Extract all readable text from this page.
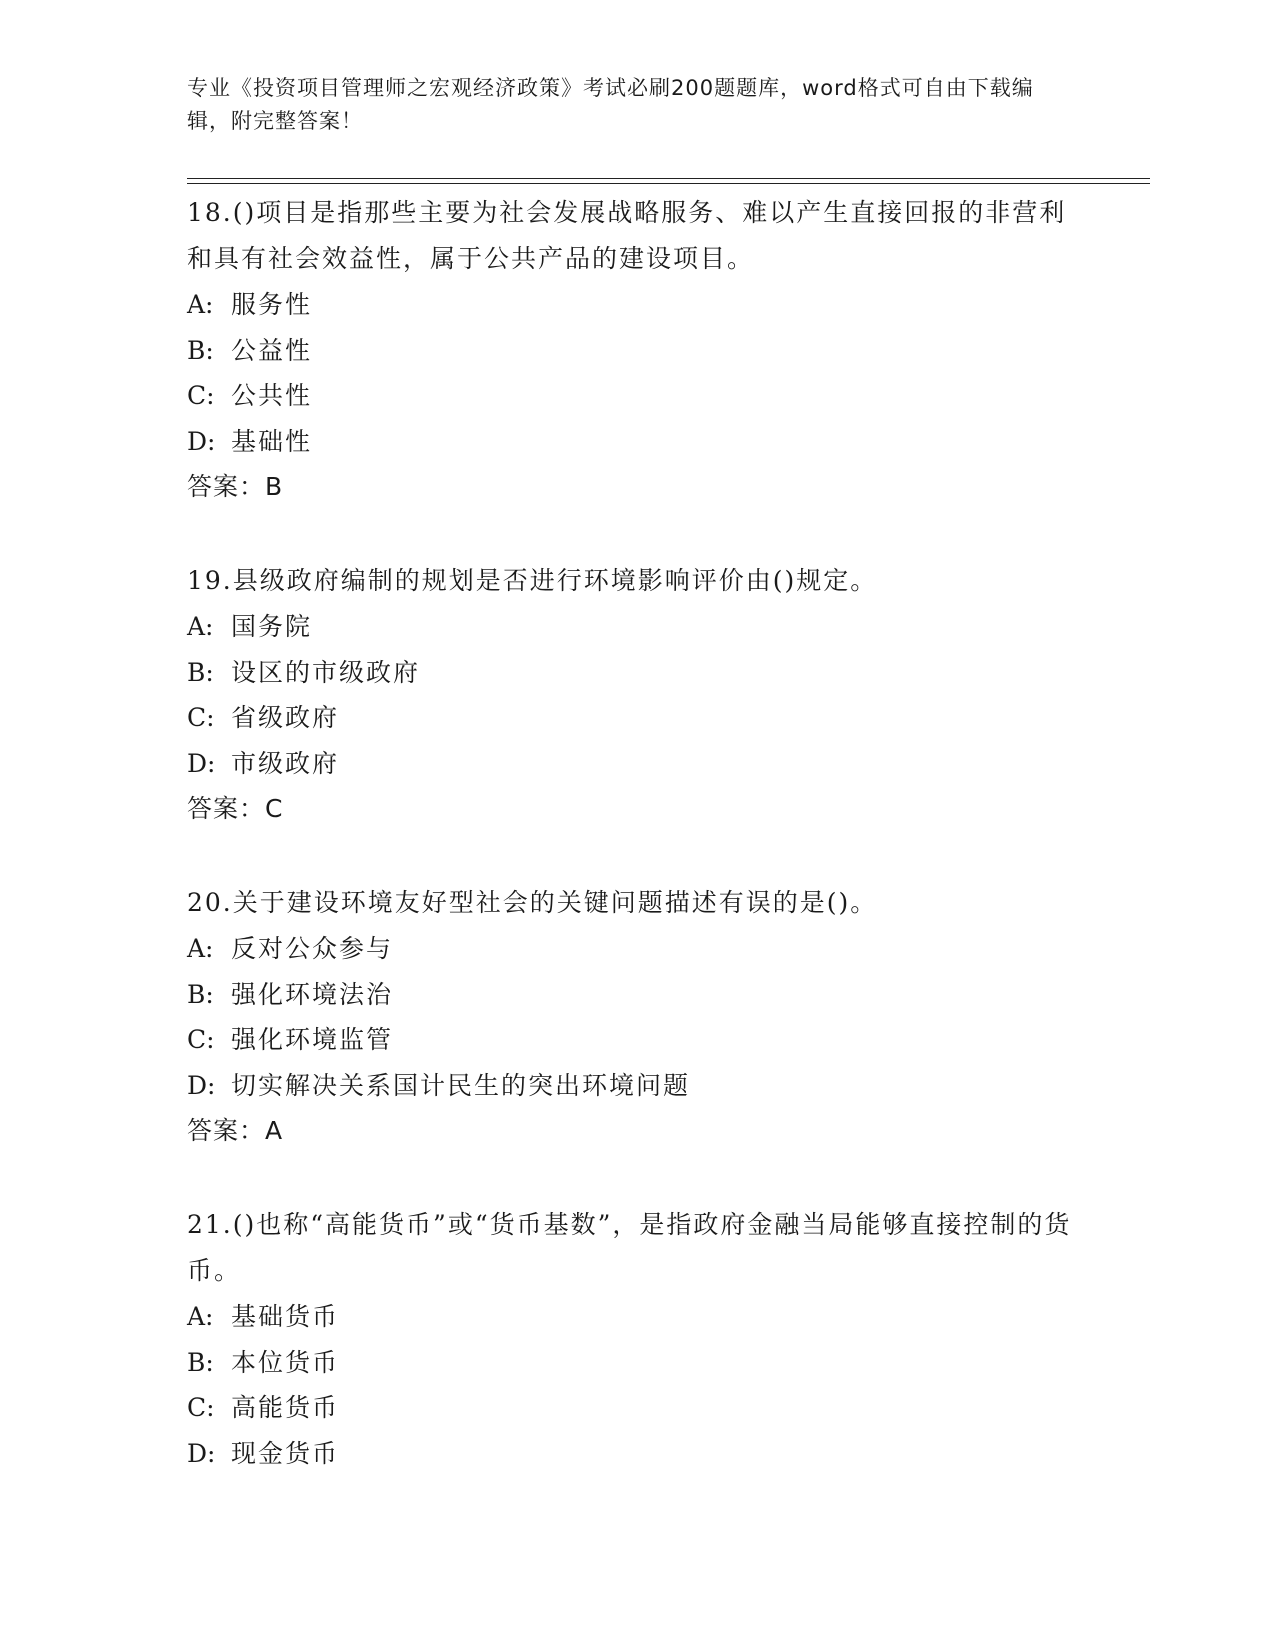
专业《投资项目管理师之宏观经济政策》考试必刷200题题库，word格式可自由下载编辑，附完整答案！
18.()项目是指那些主要为社会发展战略服务、难以产生直接回报的非营利和具有社会效益性，属于公共产品的建设项目。
A: 服务性
B: 公益性
C: 公共性
D: 基础性
答案：B
19.县级政府编制的规划是否进行环境影响评价由()规定。
A: 国务院
B: 设区的市级政府
C: 省级政府
D: 市级政府
答案：C
20.关于建设环境友好型社会的关键问题描述有误的是()。
A: 反对公众参与
B: 强化环境法治
C: 强化环境监管
D: 切实解决关系国计民生的突出环境问题
答案：A
21.()也称“高能货币”或“货币基数”，是指政府金融当局能够直接控制的货币。
A: 基础货币
B: 本位货币
C: 高能货币
D: 现金货币
